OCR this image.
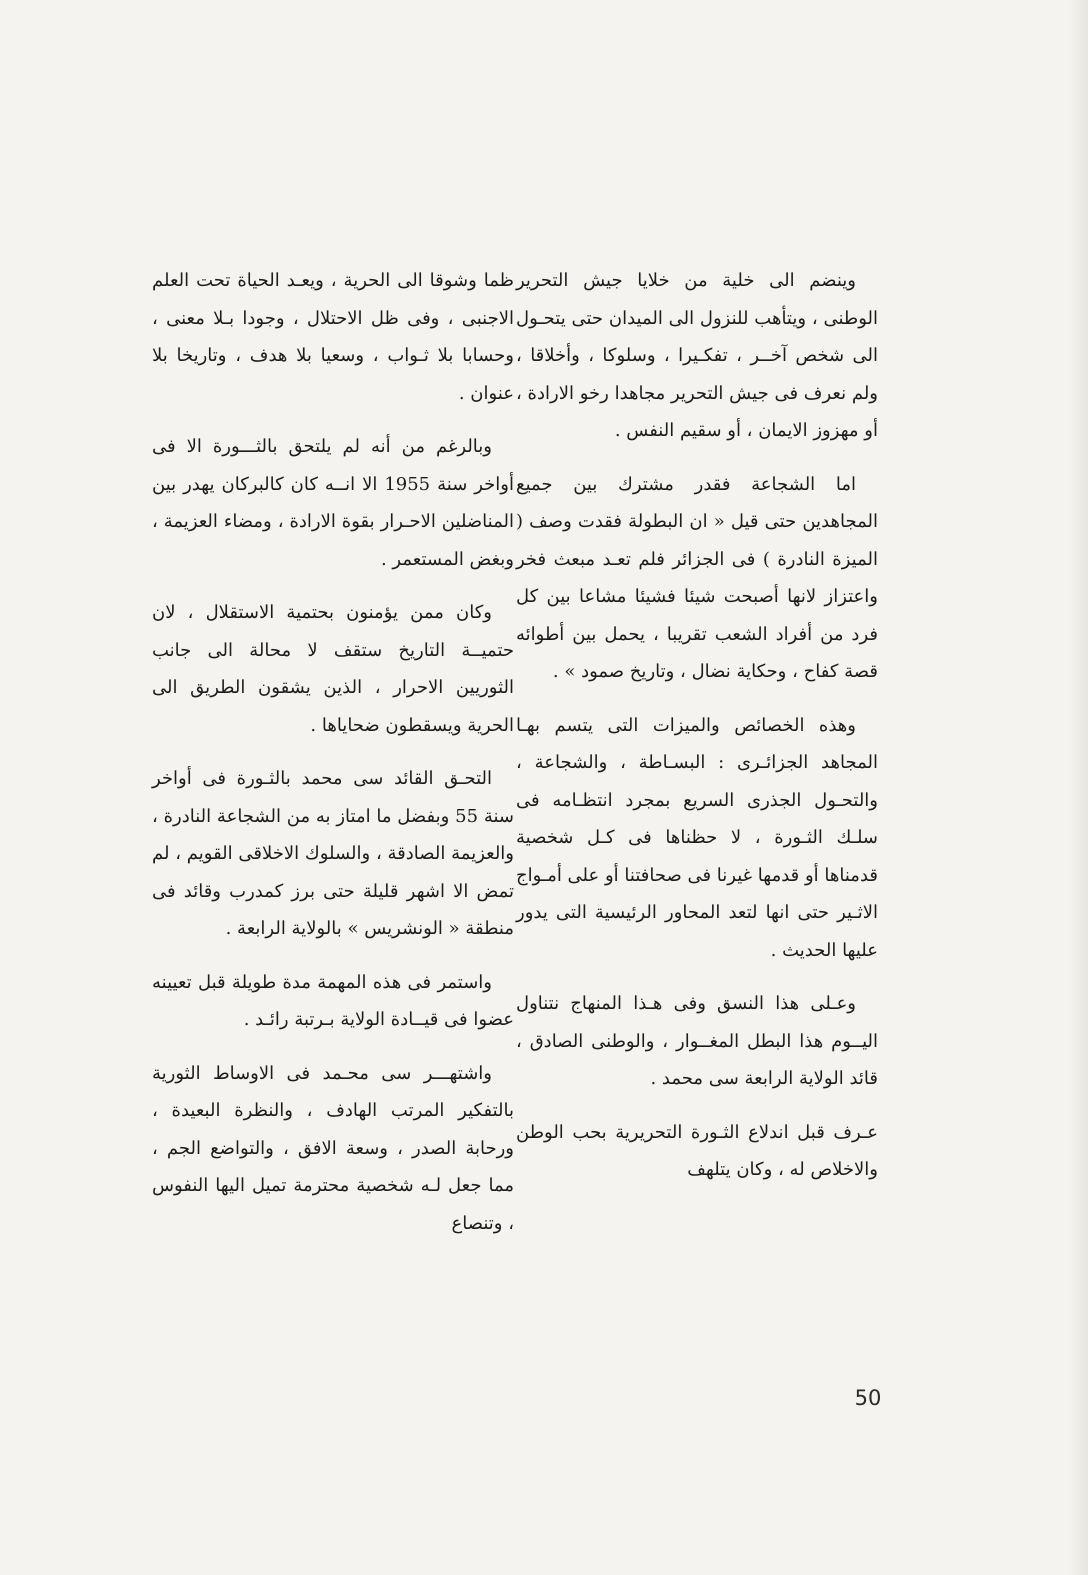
وينضم الى خلية من خلايا جيش التحرير الوطنى ، ويتأهب للنزول الى الميدان حتى يتحـول الى شخص آخــر ، تفكـيرا ، وسلوكا ، وأخلاقا ، ولم نعرف فى جيش التحرير مجاهدا رخو الارادة ، أو مهزوز الايمان ، أو سقيم النفس .

اما الشجاعة فقدر مشترك بين جميع المجاهدين حتى قيل « ان البطولة فقدت وصف ( الميزة النادرة ) فى الجزائر فلم تعـد مبعث فخر واعتزاز لانها أصبحت شيئا فشيئا مشاعا بين كل فرد من أفراد الشعب تقريبا ، يحمل بين أطوائه قصة كفاح ، وحكاية نضال ، وتاريخ صمود » .

وهذه الخصائص والميزات التى يتسم بهـا المجاهد الجزائـرى : البسـاطة ، والشجاعة ، والتحـول الجذرى السريع بمجرد انتظـامه فى سلـك الثـورة ، لا حظناها فى كـل شخصية قدمناها أو قدمها غيرنا فى صحافتنا أو على أمـواج الاثـير حتى انها لتعد المحاور الرئيسية التى يدور عليها الحديث .

وعـلى هذا النسق وفى هـذا المنهاج نتناول اليــوم هذا البطل المغــوار ، والوطنى الصادق ، قائد الولاية الرابعة سى محمد .

عـرف قبل اندلاع الثـورة التحريرية بحب الوطن والاخلاص له ، وكان يتلهف

ظما وشوقا الى الحرية ، ويعـد الحياة تحت العلم الاجنبى ، وفى ظل الاحتلال ، وجودا بـلا معنى ، وحسابا بلا ثـواب ، وسعيا بلا هدف ، وتاريخا بلا عنوان .

وبالرغم من أنه لم يلتحق بالثـــورة الا فى أواخر سنة 1955 الا انــه كان كالبركان يهدر بين المناضلين الاحـرار بقوة الارادة ، ومضاء العزيمة ، وبغض المستعمر .

وكان ممن يؤمنون بحتمية الاستقلال ، لان حتميــة التاريخ ستقف لا محالة الى جانب الثوريين الاحرار ، الذين يشقون الطريق الى الحرية ويسقطون ضحاياها .

التحـق القائد سى محمد بالثـورة فى أواخر سنة 55 وبفضل ما امتاز به من الشجاعة النادرة ، والعزيمة الصادقة ، والسلوك الاخلاقى القويم ، لم تمض الا اشهر قليلة حتى برز كمدرب وقائد فى منطقة « الونشريس » بالولاية الرابعة .

واستمر فى هذه المهمة مدة طويلة قبل تعيينه عضوا فى قيــادة الولاية بـرتبة رائـد .

واشتهـــر سى محـمد فى الاوساط الثورية بالتفكير المرتب الهادف ، والنظرة البعيدة ، ورحابة الصدر ، وسعة الافق ، والتواضع الجم ، مما جعل لـه شخصية محترمة تميل اليها النفوس ، وتنصاع

50
